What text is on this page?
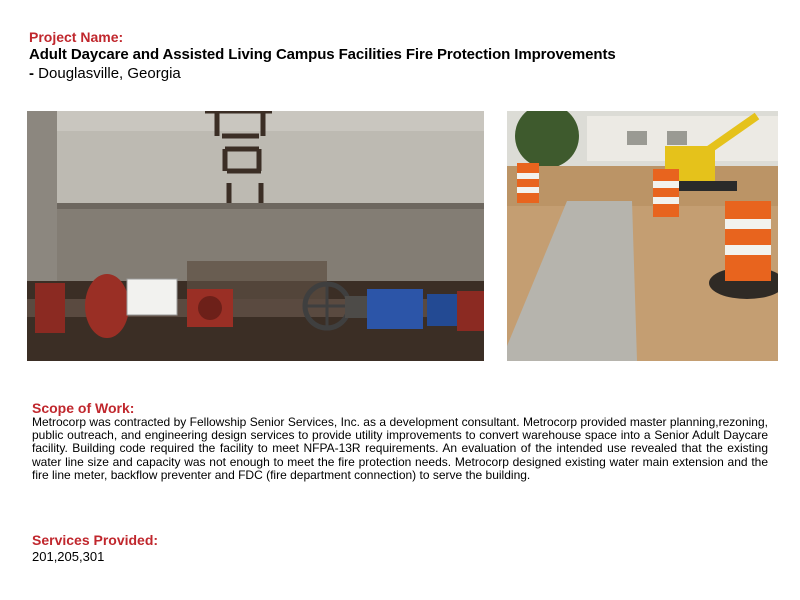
Project Name:
Adult Daycare and Assisted Living Campus Facilities Fire Protection Improvements
- Douglasville, Georgia
Scope of Work:
Metrocorp was contracted by Fellowship Senior Services, Inc. as a development consultant. Metrocorp provided master planning,rezoning, public outreach, and engineering design services to provide utility improvements to convert warehouse space into a Senior Adult Daycare facility. Building code required the facility to meet NFPA-13R requirements. An evaluation of the intended use revealed that the existing water line size and capacity was not enough to meet the fire protection needs. Metrocorp designed existing water main extension and the fire line meter, backflow preventer and FDC (fire department connection) to serve the building.
Services Provided:
201,205,301
